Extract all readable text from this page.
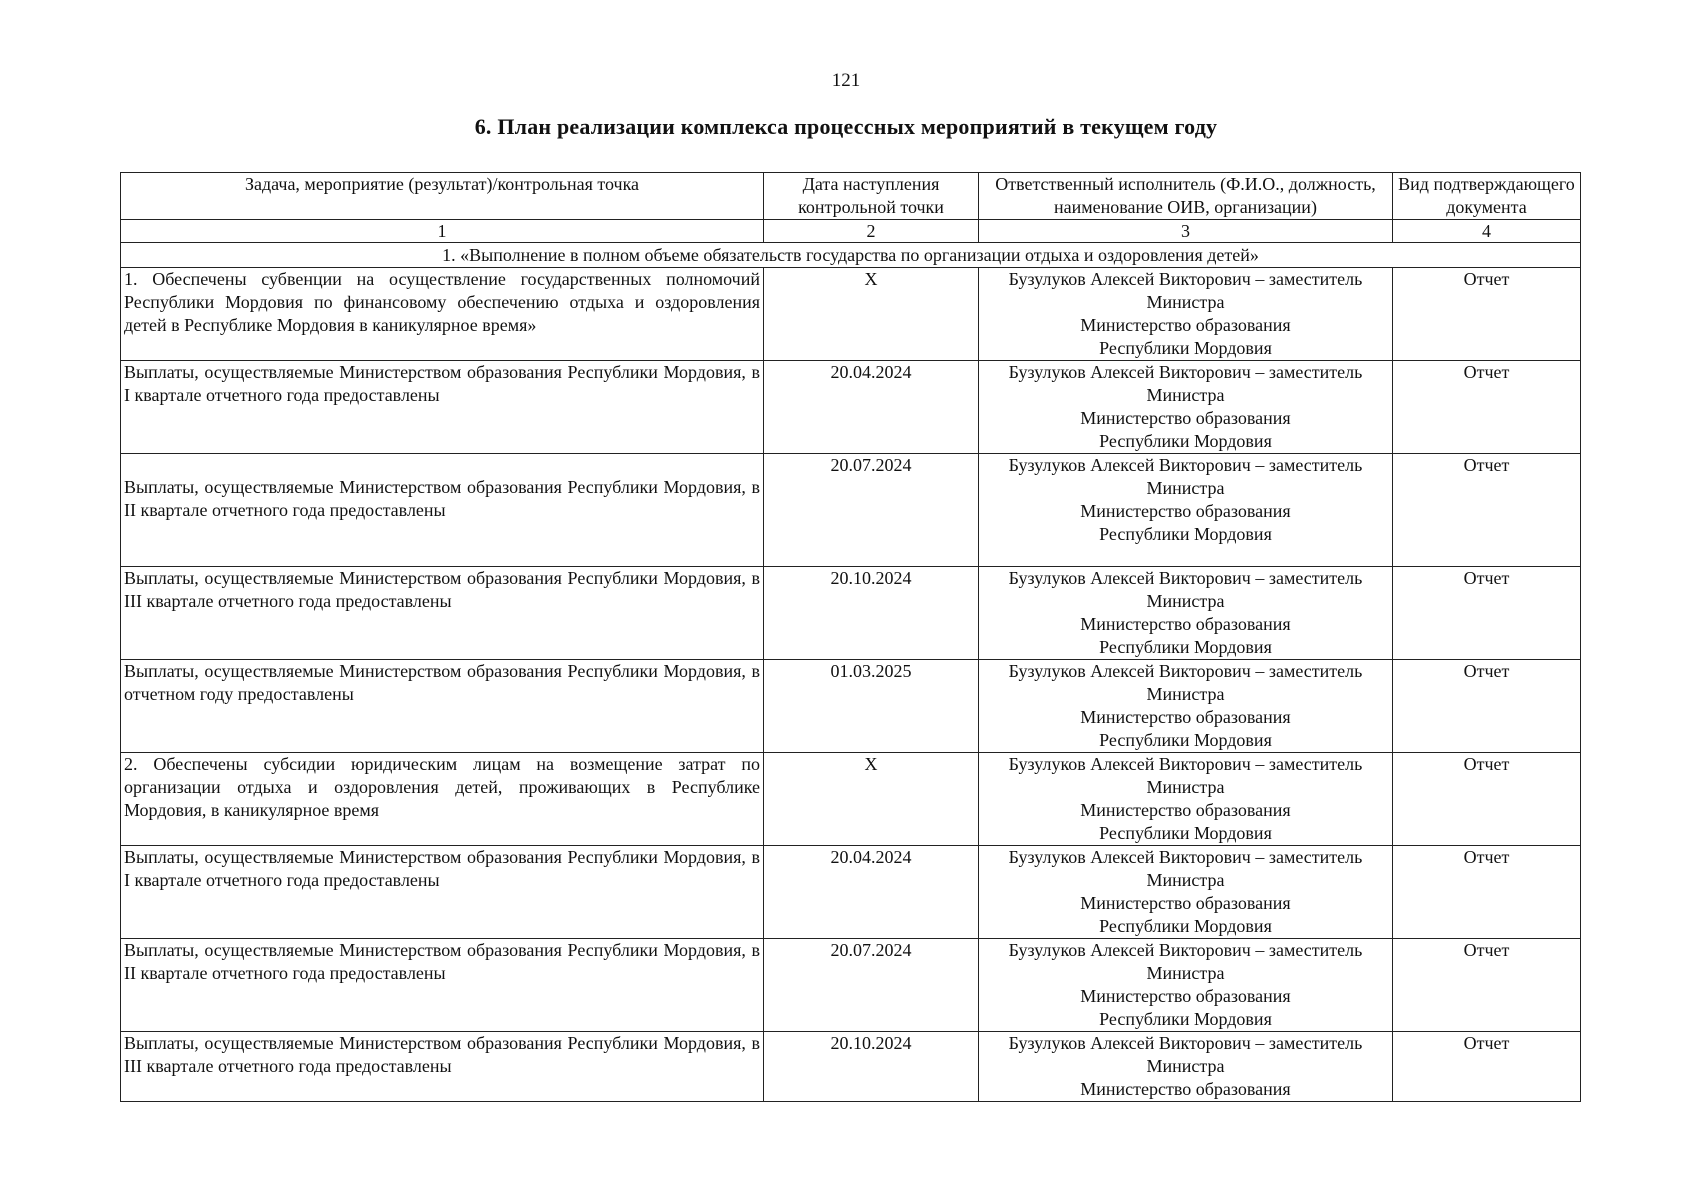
121
6. План реализации комплекса процессных мероприятий в текущем году
Задача, мероприятие (результат)/контрольная точка	Дата наступления контрольной точки	Ответственный исполнитель (Ф.И.О., должность, наименование ОИВ, организации)	Вид подтверждающего документа
1	2	3	4
1. «Выполнение в полном объеме обязательств государства по организации отдыха и оздоровления детей»			
1. Обеспечены субвенции на осуществление государственных полномочий Республики Мордовия по финансовому обеспечению отдыха и оздоровления детей в Республике Мордовия в каникулярное время»	X	Бузулуков Алексей Викторович – заместитель
Министра
Министерство образования
Республики Мордовия	Отчет
Выплаты, осуществляемые Министерством образования Республики Мордовия, в I квартале отчетного года предоставлены	20.04.2024	Бузулуков Алексей Викторович – заместитель
Министра
Министерство образования
Республики Мордовия	Отчет
Выплаты, осуществляемые Министерством образования Республики Мордовия, в II квартале отчетного года предоставлены	20.07.2024	Бузулуков Алексей Викторович – заместитель
Министра
Министерство образования
Республики Мордовия	Отчет
Выплаты, осуществляемые Министерством образования Республики Мордовия, в III квартале отчетного года предоставлены	20.10.2024	Бузулуков Алексей Викторович – заместитель
Министра
Министерство образования
Республики Мордовия	Отчет
Выплаты, осуществляемые Министерством образования Республики Мордовия, в отчетном году предоставлены	01.03.2025	Бузулуков Алексей Викторович – заместитель
Министра
Министерство образования
Республики Мордовия	Отчет
2. Обеспечены субсидии юридическим лицам на возмещение затрат по организации отдыха и оздоровления детей, проживающих в Республике Мордовия, в каникулярное время	X	Бузулуков Алексей Викторович – заместитель
Министра
Министерство образования
Республики Мордовия	Отчет
Выплаты, осуществляемые Министерством образования Республики Мордовия, в I квартале отчетного года предоставлены	20.04.2024	Бузулуков Алексей Викторович – заместитель
Министра
Министерство образования
Республики Мордовия	Отчет
Выплаты, осуществляемые Министерством образования Республики Мордовия, в II квартале отчетного года предоставлены	20.07.2024	Бузулуков Алексей Викторович – заместитель
Министра
Министерство образования
Республики Мордовия	Отчет
Выплаты, осуществляемые Министерством образования Республики Мордовия, в III квартале отчетного года предоставлены	20.10.2024	Бузулуков Алексей Викторович – заместитель
Министра
Министерство образования	Отчет
